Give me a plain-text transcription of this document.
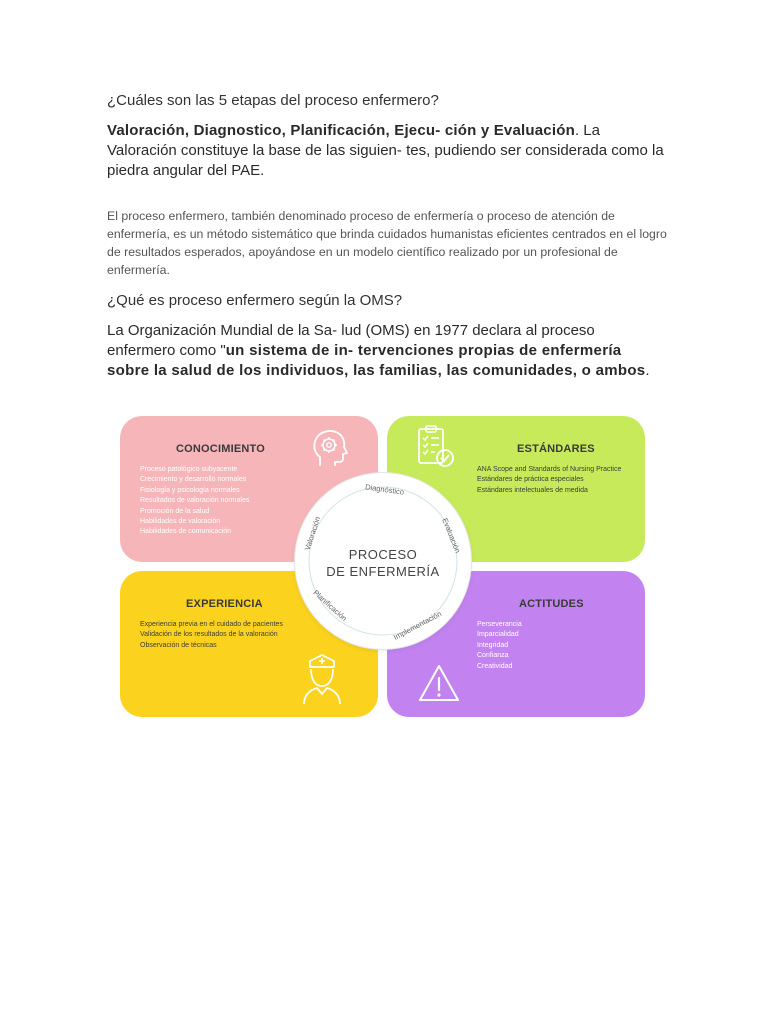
¿Cuáles son las 5 etapas del proceso enfermero?
Valoración, Diagnostico, Planificación, Ejecu- ción y Evaluación. La Valoración constituye la base de las siguien- tes, pudiendo ser considerada como la piedra angular del PAE.
El proceso enfermero, también denominado proceso de enfermería o proceso de atención de enfermería, es un método sistemático que brinda cuidados humanistas eficientes centrados en el logro de resultados esperados, apoyándose en un modelo científico realizado por un profesional de enfermería.
¿Qué es proceso enfermero según la OMS?
La Organización Mundial de la Sa- lud (OMS) en 1977 declara al proceso enfermero como "un sistema de in- tervenciones propias de enfermería sobre la salud de los individuos, las familias, las comunidades, o ambos.
CONOCIMIENTO
Proceso patológico subyacente
Crecimiento y desarrollo normales
Fisiología y psicología normales
Resultados de valoración normales
Promoción de la salud
Habilidades de valoración
Habilidades de comunicación
ESTÁNDARES
ANA Scope and Standards of Nursing Practice
Estándares de práctica especiales
Estándares intelectuales de medida
EXPERIENCIA
Experiencia previa en el cuidado de pacientes
Validación de los resultados de la valoración
Observación de técnicas
ACTITUDES
Perseverancia
Imparcialidad
Integridad
Confianza
Creatividad
PROCESO
DE ENFERMERÍA
Diagnóstico
Evaluación
Implementación
Planificación
Valoración
